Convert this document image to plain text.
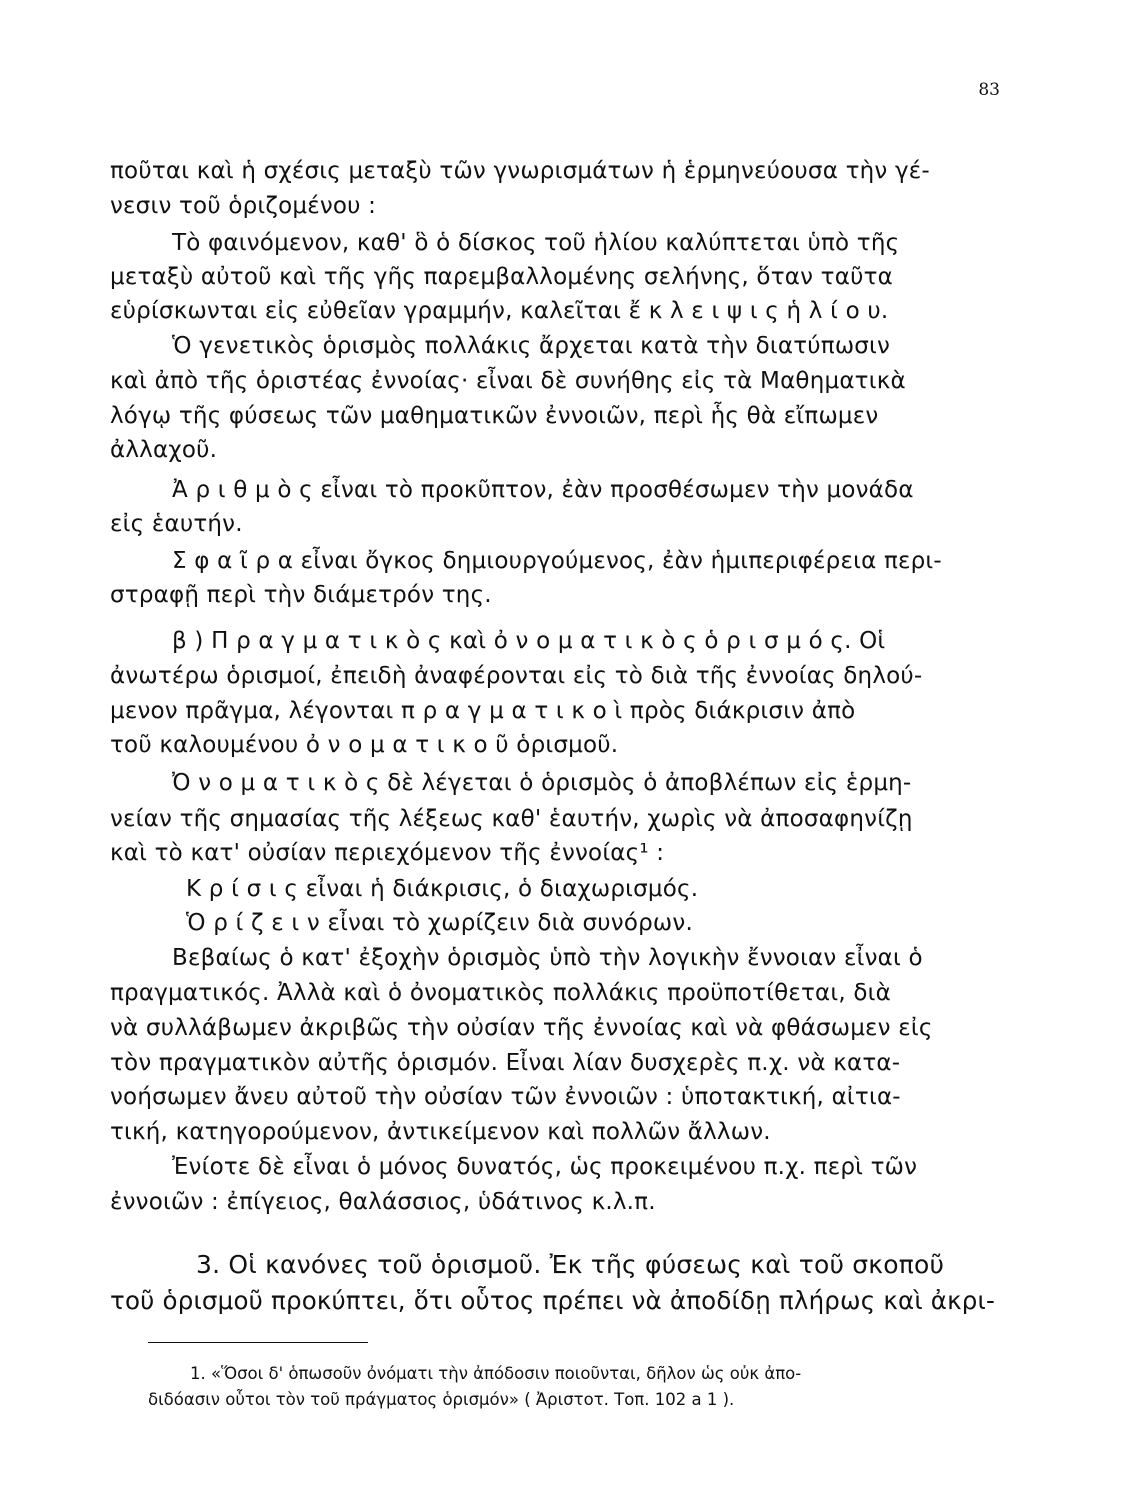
83
ποῦται καὶ ἡ σχέσις μεταξὺ τῶν γνωρισμάτων ἡ ἑρμηνεύουσα τὴν γέ-
νεσιν τοῦ ὁριζομένου :
Τὸ φαινόμενον, καθ' ὃ ὁ δίσκος τοῦ ἡλίου καλύπτεται ὑπὸ τῆς
μεταξὺ αὐτοῦ καὶ τῆς γῆς παρεμβαλλομένης σελήνης, ὅταν ταῦτα
εὑρίσκωνται εἰς εὐθεῖαν γραμμήν, καλεῖται ἔ κ λ ε ι ψ ι ς ἡ λ ί ο υ.
Ὁ γενετικὸς ὁρισμὸς πολλάκις ἄρχεται κατὰ τὴν διατύπωσιν
καὶ ἀπὸ τῆς ὁριστέας ἐννοίας· εἶναι δὲ συνήθης εἰς τὰ Μαθηματικὰ
λόγῳ τῆς φύσεως τῶν μαθηματικῶν ἐννοιῶν, περὶ ἧς θὰ εἴπωμεν
ἀλλαχοῦ.
Ἀ ρ ι θ μ ὸ ς εἶναι τὸ προκῦπτον, ἐὰν προσθέσωμεν τὴν μονάδα
εἰς ἑαυτήν.
Σ φ α ῖ ρ α εἶναι ὄγκος δημιουργούμενος, ἐὰν ἡμιπεριφέρεια περι-
στραφῇ περὶ τὴν διάμετρόν της.
β ) Π ρ α γ μ α τ ι κ ὸ ς καὶ ὀ ν ο μ α τ ι κ ὸ ς ὁ ρ ι σ μ ό ς. Οἱ
ἀνωτέρω ὁρισμοί, ἐπειδὴ ἀναφέρονται εἰς τὸ διὰ τῆς ἐννοίας δηλού-
μενον πρᾶγμα, λέγονται π ρ α γ μ α τ ι κ ο ὶ πρὸς διάκρισιν ἀπὸ
τοῦ καλουμένου ὀ ν ο μ α τ ι κ ο ῦ ὁρισμοῦ.
Ὀ ν ο μ α τ ι κ ὸ ς δὲ λέγεται ὁ ὁρισμὸς ὁ ἀποβλέπων εἰς ἑρμη-
νείαν τῆς σημασίας τῆς λέξεως καθ' ἑαυτήν, χωρὶς νὰ ἀποσαφηνίζῃ
καὶ τὸ κατ' οὐσίαν περιεχόμενον τῆς ἐννοίας¹ :
Κ ρ ί σ ι ς εἶναι ἡ διάκρισις, ὁ διαχωρισμός.
Ὁ ρ ί ζ ε ι ν εἶναι τὸ χωρίζειν διὰ συνόρων.
Βεβαίως ὁ κατ' ἐξοχὴν ὁρισμὸς ὑπὸ τὴν λογικὴν ἔννοιαν εἶναι ὁ
πραγματικός. Ἀλλὰ καὶ ὁ ὀνοματικὸς πολλάκις προϋποτίθεται, διὰ
νὰ συλλάβωμεν ἀκριβῶς τὴν οὐσίαν τῆς ἐννοίας καὶ νὰ φθάσωμεν εἰς
τὸν πραγματικὸν αὐτῆς ὁρισμόν. Εἶναι λίαν δυσχερὲς π.χ. νὰ κατα-
νοήσωμεν ἄνευ αὐτοῦ τὴν οὐσίαν τῶν ἐννοιῶν : ὑποτακτική, αἰτια-
τική, κατηγορούμενον, ἀντικείμενον καὶ πολλῶν ἄλλων.
Ἐνίοτε δὲ εἶναι ὁ μόνος δυνατός, ὡς προκειμένου π.χ. περὶ τῶν
ἐννοιῶν : ἐπίγειος, θαλάσσιος, ὑδάτινος κ.λ.π.
3. Οἱ κανόνες τοῦ ὁρισμοῦ. Ἐκ τῆς φύσεως καὶ τοῦ σκοποῦ
τοῦ ὁρισμοῦ προκύπτει, ὅτι οὗτος πρέπει νὰ ἀποδίδῃ πλήρως καὶ ἀκρι-
1. «Ὅσοι δ' ὁπωσοῦν ὀνόματι τὴν ἀπόδοσιν ποιοῦνται, δῆλον ὡς οὐκ ἀπο-
διδόασιν οὗτοι τὸν τοῦ πράγματος ὁρισμόν» ( Ἀριστοτ. Τοπ. 102 a 1 ).
